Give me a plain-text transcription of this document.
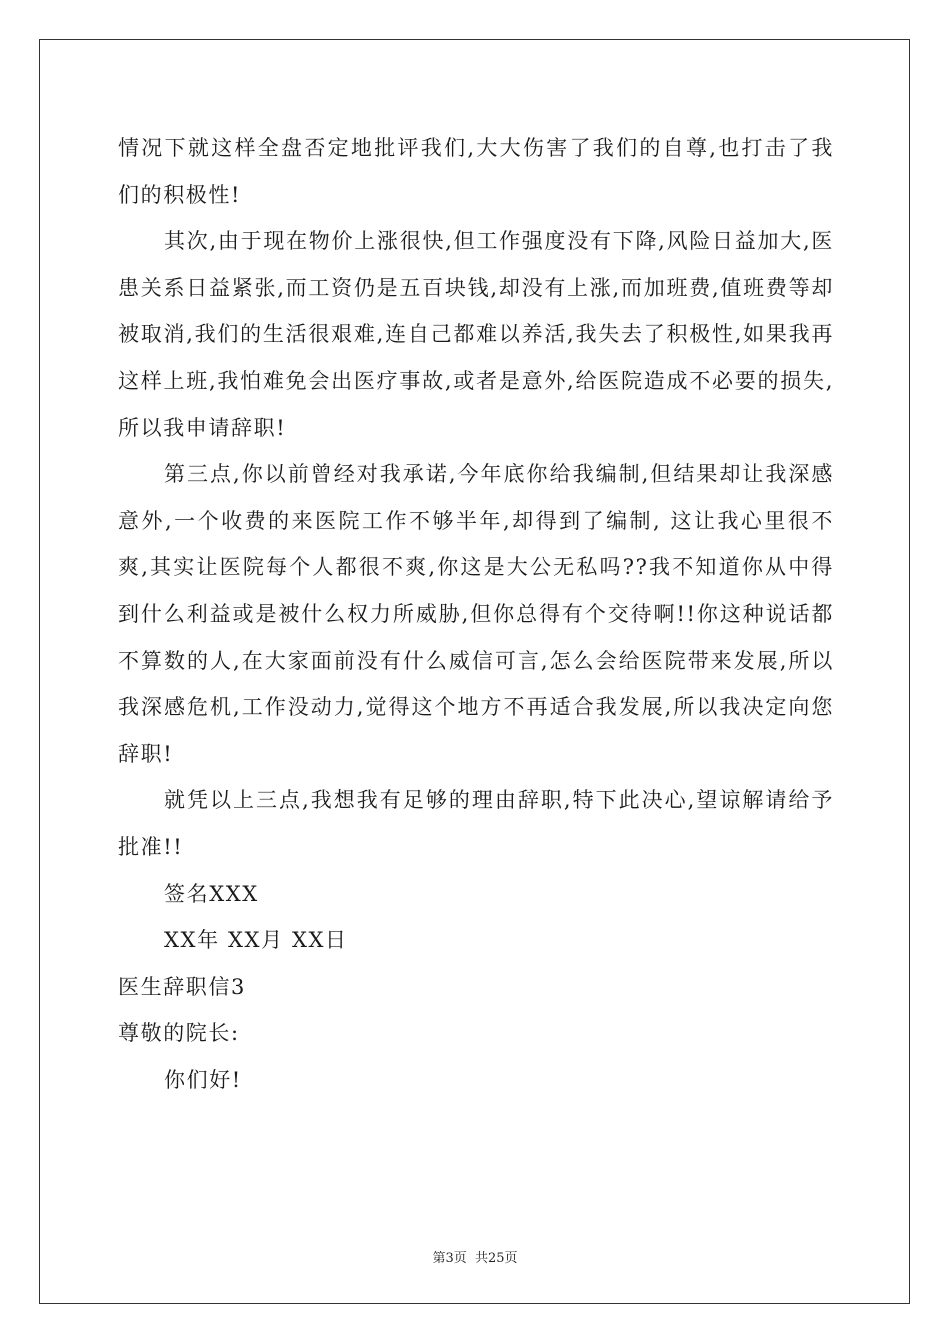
情况下就这样全盘否定地批评我们,大大伤害了我们的自尊,也打击了我们的积极性!

其次,由于现在物价上涨很快,但工作强度没有下降,风险日益加大,医患关系日益紧张,而工资仍是五百块钱,却没有上涨,而加班费,值班费等却被取消,我们的生活很艰难,连自己都难以养活,我失去了积极性,如果我再这样上班,我怕难免会出医疗事故,或者是意外,给医院造成不必要的损失,所以我申请辞职!

第三点,你以前曾经对我承诺,今年底你给我编制,但结果却让我深感意外,一个收费的来医院工作不够半年,却得到了编制, 这让我心里很不爽,其实让医院每个人都很不爽,你这是大公无私吗??我不知道你从中得到什么利益或是被什么权力所威胁,但你总得有个交待啊!!你这种说话都不算数的人,在大家面前没有什么威信可言,怎么会给医院带来发展,所以我深感危机,工作没动力,觉得这个地方不再适合我发展,所以我决定向您辞职!

就凭以上三点,我想我有足够的理由辞职,特下此决心,望谅解请给予批准!!

签名XXX

XX年 XX月 XX日

医生辞职信3

尊敬的院长:

你们好!

第3页 共25页
